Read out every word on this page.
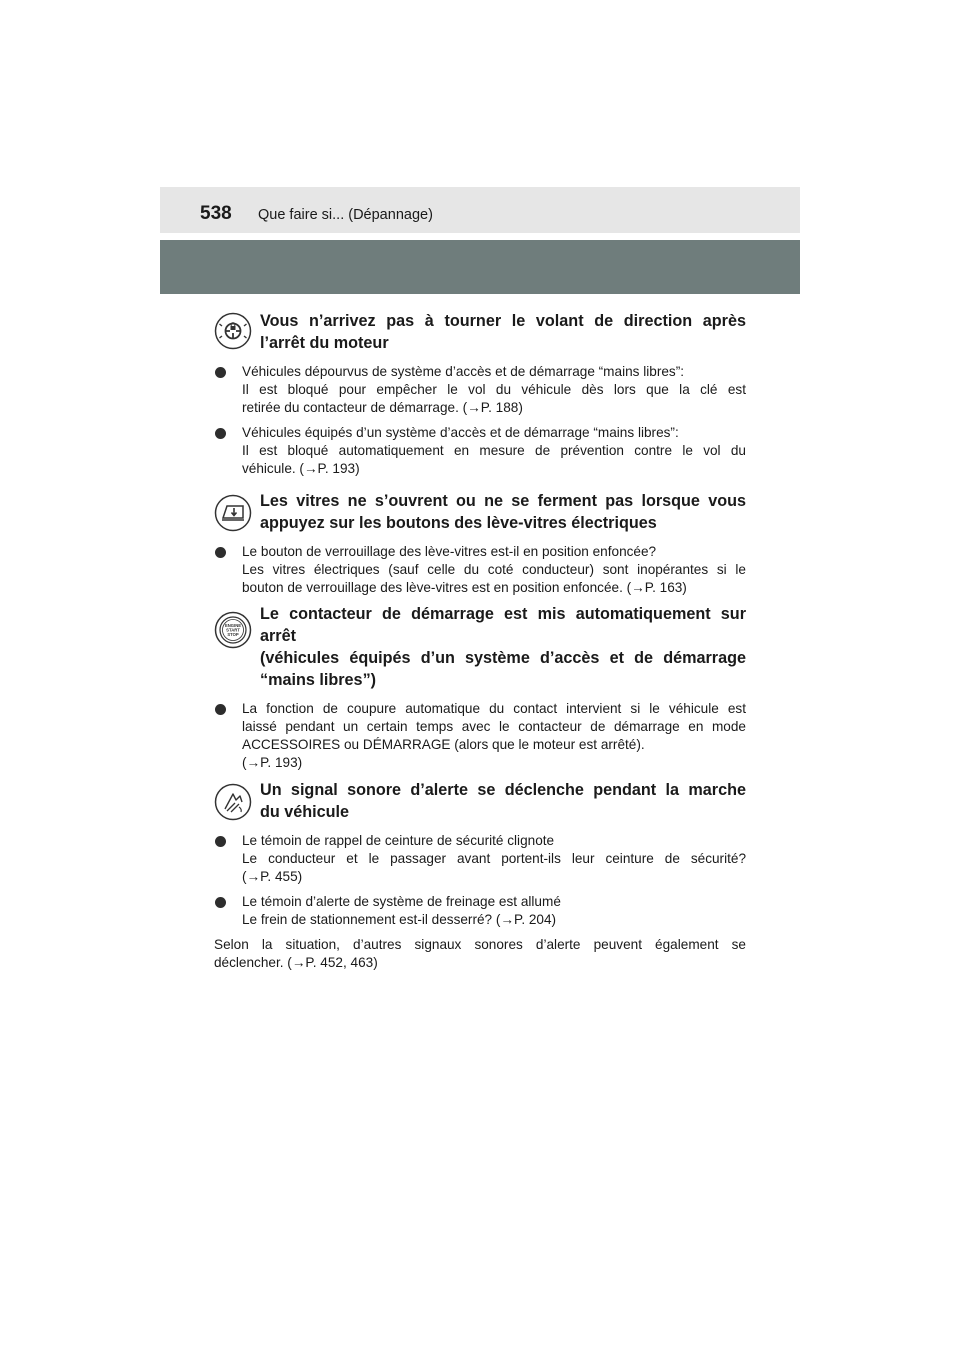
538 Que faire si... (Dépannage)
Vous n’arrivez pas à tourner le volant de direction après
l’arrêt du moteur

Véhicules dépourvus de système d’accès et de démarrage “mains libres”:
Il est bloqué pour empêcher le vol du véhicule dès lors que la clé est
retirée du contacteur de démarrage. (→P. 188)

Véhicules équipés d’un système d’accès et de démarrage “mains libres”:
Il est bloqué automatiquement en mesure de prévention contre le vol du
véhicule. (→P. 193)

Les vitres ne s’ouvrent ou ne se ferment pas lorsque vous
appuyez sur les boutons des lève-vitres électriques

Le bouton de verrouillage des lève-vitres est-il en position enfoncée?
Les vitres électriques (sauf celle du coté conducteur) sont inopérantes si le
bouton de verrouillage des lève-vitres est en position enfoncée. (→P. 163)

ENGINE
START
STOP
Le contacteur de démarrage est mis automatiquement sur
arrêt
(véhicules équipés d’un système d’accès et de démarrage
“mains libres”)

La fonction de coupure automatique du contact intervient si le véhicule est
laissé pendant un certain temps avec le contacteur de démarrage en mode
ACCESSOIRES ou DÉMARRAGE (alors que le moteur est arrêté).
(→P. 193)

Un signal sonore d’alerte se déclenche pendant la marche
du véhicule

Le témoin de rappel de ceinture de sécurité clignote
Le conducteur et le passager avant portent-ils leur ceinture de sécurité?
(→P. 455)

Le témoin d’alerte de système de freinage est allumé
Le frein de stationnement est-il desserré? (→P. 204)

Selon la situation, d’autres signaux sonores d’alerte peuvent également se
déclencher. (→P. 452, 463)
